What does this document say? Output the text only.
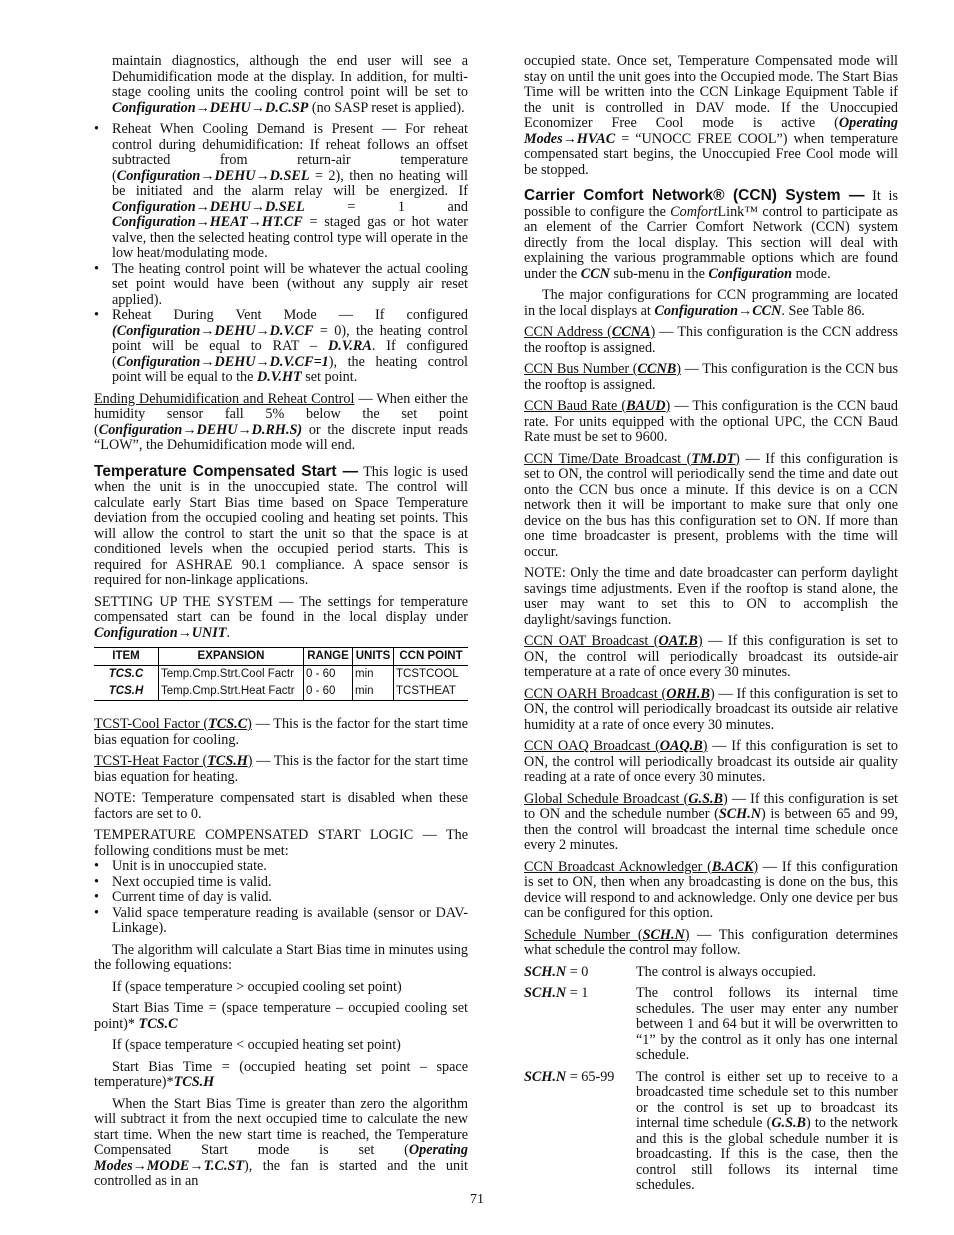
maintain diagnostics, although the end user will see a Dehumidification mode at the display. In addition, for multi-stage cooling units the cooling control point will be set to Configuration→DEHU→D.C.SP (no SASP reset is applied).

• Reheat When Cooling Demand is Present — For reheat control during dehumidification: If reheat follows an offset subtracted from return-air temperature (Configuration→DEHU→D.SEL = 2), then no heating will be initiated and the alarm relay will be energized. If Configuration→DEHU→D.SEL = 1 and Configuration→HEAT→HT.CF = staged gas or hot water valve, then the selected heating control type will operate in the low heat/modulating mode.
• The heating control point will be whatever the actual cooling set point would have been (without any supply air reset applied).
• Reheat During Vent Mode — If configured (Configuration→DEHU→D.V.CF = 0), the heating control point will be equal to RAT – D.V.RA. If configured (Configuration→DEHU→D.V.CF=1), the heating control point will be equal to the D.V.HT set point.

Ending Dehumidification and Reheat Control — When either the humidity sensor fall 5% below the set point (Configuration→DEHU→D.RH.S) or the discrete input reads “LOW”, the Dehumidification mode will end.

Temperature Compensated Start — This logic is used when the unit is in the unoccupied state. The control will calculate early Start Bias time based on Space Temperature deviation from the occupied cooling and heating set points. This will allow the control to start the unit so that the space is at conditioned levels when the occupied period starts. This is required for ASHRAE 90.1 compliance. A space sensor is required for non-linkage applications.

SETTING UP THE SYSTEM — The settings for temperature compensated start can be found in the local display under Configuration→UNIT.

ITEM	EXPANSION	RANGE	UNITS	CCN POINT
TCS.C	Temp.Cmp.Strt.Cool Factr	0 - 60	min	TCSTCOOL
TCS.H	Temp.Cmp.Strt.Heat Factr	0 - 60	min	TCSTHEAT

TCST-Cool Factor (TCS.C) — This is the factor for the start time bias equation for cooling.

TCST-Heat Factor (TCS.H) — This is the factor for the start time bias equation for heating.

NOTE: Temperature compensated start is disabled when these factors are set to 0.

TEMPERATURE COMPENSATED START LOGIC — The following conditions must be met:

• Unit is in unoccupied state.
• Next occupied time is valid.
• Current time of day is valid.
• Valid space temperature reading is available (sensor or DAV-Linkage).

The algorithm will calculate a Start Bias time in minutes using the following equations:

If (space temperature > occupied cooling set point)

Start Bias Time = (space temperature – occupied cooling set point)* TCS.C

If (space temperature < occupied heating set point)

Start Bias Time = (occupied heating set point – space temperature)*TCS.H

When the Start Bias Time is greater than zero the algorithm will subtract it from the next occupied time to calculate the new start time. When the new start time is reached, the Temperature Compensated Start mode is set (Operating Modes→MODE→T.C.ST), the fan is started and the unit controlled as in an

occupied state. Once set, Temperature Compensated mode will stay on until the unit goes into the Occupied mode. The Start Bias Time will be written into the CCN Linkage Equipment Table if the unit is controlled in DAV mode. If the Unoccupied Economizer Free Cool mode is active (Operating Modes→HVAC = “UNOCC FREE COOL”) when temperature compensated start begins, the Unoccupied Free Cool mode will be stopped.

Carrier Comfort Network® (CCN) System — It is possible to configure the ComfortLink™ control to participate as an element of the Carrier Comfort Network (CCN) system directly from the local display. This section will deal with explaining the various programmable options which are found under the CCN sub-menu in the Configuration mode.

The major configurations for CCN programming are located in the local displays at Configuration→CCN. See Table 86.

CCN Address (CCNA) — This configuration is the CCN address the rooftop is assigned.

CCN Bus Number (CCNB) — This configuration is the CCN bus the rooftop is assigned.

CCN Baud Rate (BAUD) — This configuration is the CCN baud rate. For units equipped with the optional UPC, the CCN Baud Rate must be set to 9600.

CCN Time/Date Broadcast (TM.DT) — If this configuration is set to ON, the control will periodically send the time and date out onto the CCN bus once a minute. If this device is on a CCN network then it will be important to make sure that only one device on the bus has this configuration set to ON. If more than one time broadcaster is present, problems with the time will occur.

NOTE: Only the time and date broadcaster can perform daylight savings time adjustments. Even if the rooftop is stand alone, the user may want to set this to ON to accomplish the daylight/savings function.

CCN OAT Broadcast (OAT.B) — If this configuration is set to ON, the control will periodically broadcast its outside-air temperature at a rate of once every 30 minutes.

CCN OARH Broadcast (ORH.B) — If this configuration is set to ON, the control will periodically broadcast its outside air relative humidity at a rate of once every 30 minutes.

CCN OAQ Broadcast (OAQ.B) — If this configuration is set to ON, the control will periodically broadcast its outside air quality reading at a rate of once every 30 minutes.

Global Schedule Broadcast (G.S.B) — If this configuration is set to ON and the schedule number (SCH.N) is between 65 and 99, then the control will broadcast the internal time schedule once every 2 minutes.

CCN Broadcast Acknowledger (B.ACK) — If this configuration is set to ON, then when any broadcasting is done on the bus, this device will respond to and acknowledge. Only one device per bus can be configured for this option.

Schedule Number (SCH.N) — This configuration determines what schedule the control may follow.

SCH.N = 0	The control is always occupied.
SCH.N = 1	The control follows its internal time schedules. The user may enter any number between 1 and 64 but it will be overwritten to “1” by the control as it only has one internal schedule.
SCH.N = 65-99	The control is either set up to receive to a broadcasted time schedule set to this number or the control is set up to broadcast its internal time schedule (G.S.B) to the network and this is the global schedule number it is broadcasting. If this is the case, then the control still follows its internal time schedules.
71
